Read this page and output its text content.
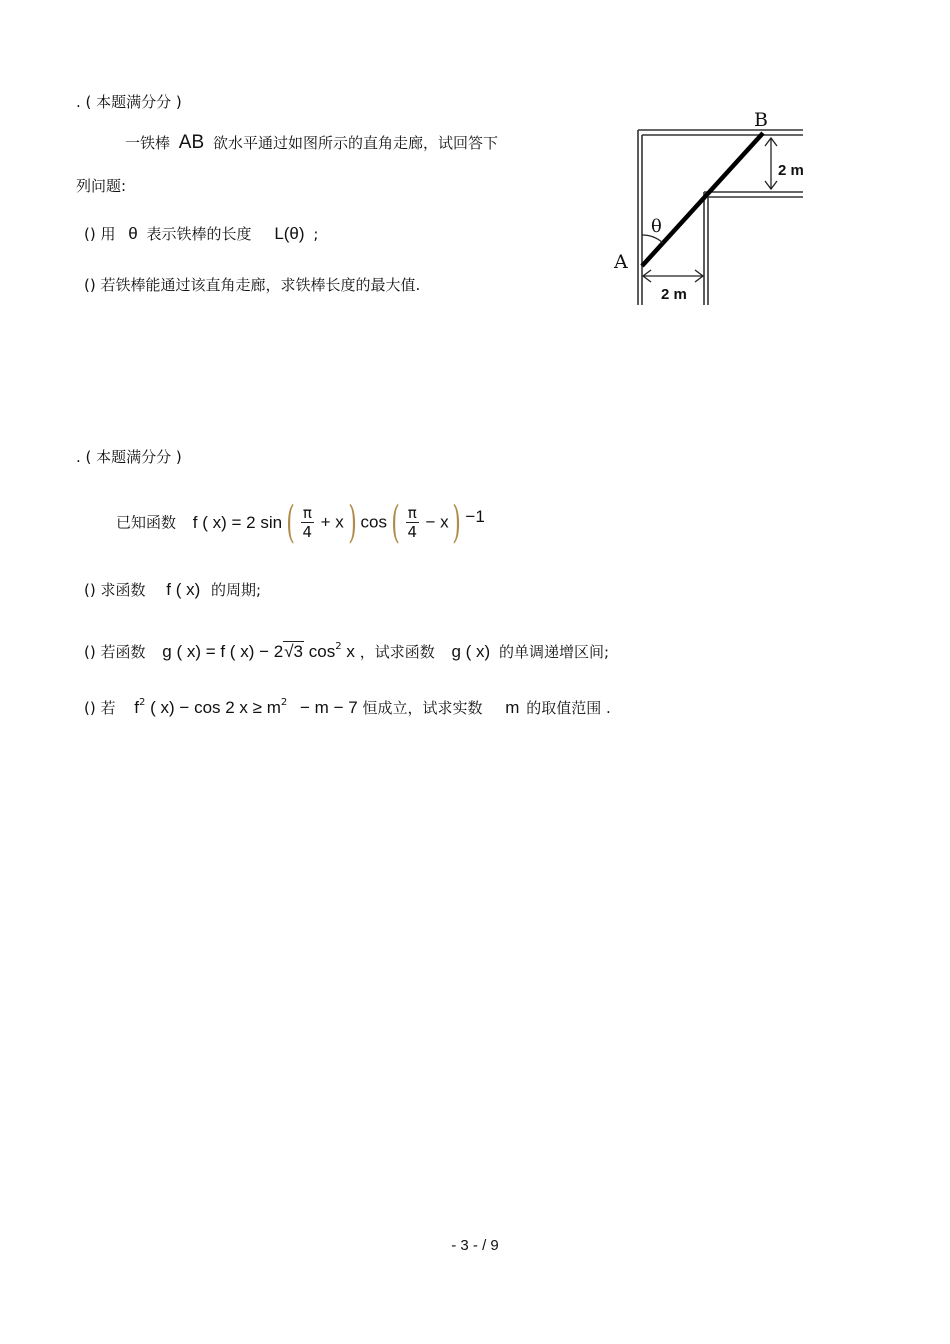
. ( 本题满分分 )
一铁棒 AB 欲水平通过如图所示的直角走廊，试回答下
列问题:
() 用 θ 表示铁棒的长度 L(θ) ;
() 若铁棒能通过该直角走廊，求铁棒长度的最大值.
B
A
θ
2 m
2 m
. ( 本题满分分 )
已知函数 f ( x) = 2 sin ( $\frac{\pi}{4} + x$ ) cos ( $\frac{\pi}{4} - x$ ) −1
() 求函数 f ( x) 的周期;
() 若函数 g ( x) = f ( x) − 2√3 $\cos^2 x$ ，试求函数 g ( x) 的单调递增区间;
() 若 $f^2$ ( x) − cos 2 $x \ge m^2 - m - 7$ 恒成立，试求实数 m 的取值范围 .
- 3 - / 9
